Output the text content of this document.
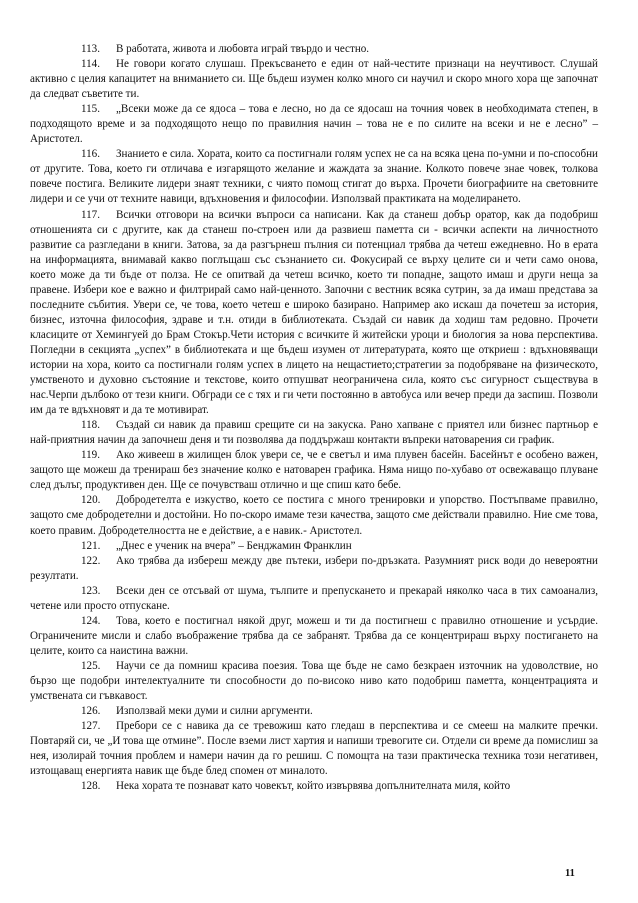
113. В работата, живота и любовта играй твърдо и честно.

114. Не говори когато слушаш. Прекъсването е един от най-честите признаци на неучтивост. Слушай активно с целия капацитет на вниманието си. Ще бъдеш изумен колко много си научил и скоро много хора ще започнат да следват съветите ти.

115. „Всеки може да се ядоса – това е лесно, но да се ядосаш на точния човек в необходимата степен, в подходящото време и за подходящото нещо по правилния начин – това не е по силите на всеки и не е лесно” – Аристотел.

116. Знанието е сила. Хората, които са постигнали голям успех не са на всяка цена по-умни и по-способни от другите. Това, което ги отличава е изгарящото желание и жаждата за знание. Колкото повече знае човек, толкова повече постига. Великите лидери знаят техники, с чиято помощ стигат до върха. Прочети биографиите на световните лидери и се учи от техните навици, вдъхновения и философии. Използвай практиката на моделирането.

117. Всички отговори на всички въпроси са написани. Как да станеш добър оратор, как да подобриш отношенията си с другите, как да станеш по-строен или да развиеш паметта си - всички аспекти на личностното развитие са разгледани в книги. Затова, за да разгърнеш пълния си потенциал трябва да четеш ежедневно. Но в ерата на информацията, внимавай какво поглъщаш със съзнанието си. Фокусирай се върху целите си и чети само онова, което може да ти бъде от полза. Не се опитвай да четеш всичко, което ти попадне, защото имаш и други неща за правене. Избери кое е важно и филтрирай само най-ценното. Започни с вестник всяка сутрин, за да имаш представа за последните събития. Увери се, че това, което четеш е широко базирано. Например ако искаш да почетеш за история, бизнес, източна философия, здраве и т.н. отиди в библиотеката. Създай си навик да ходиш там редовно. Прочети класиците от Хемингуей до Брам Стокър.Чети история с всичките й житейски уроци и биология за нова перспектива. Погледни в секцията „успех” в библиотеката и ще бъдеш изумен от литературата, която ще откриеш : вдъхновяващи истории на хора, които са постигнали голям успех в лицето на нещастието;стратегии за подобряване на физическото, умственото и духовно състояние и текстове, които отпушват неограничена сила, която със сигурност съществува в нас.Черпи дълбоко от тези книги. Обгради се с тях и ги чети постоянно в автобуса или вечер преди да заспиш. Позволи им да те вдъхновят и да те мотивират.

118. Създай си навик да правиш срещите си на закуска. Рано хапване с приятел или бизнес партньор е най-приятния начин да започнеш деня и ти позволява да поддържаш контакти въпреки натоварения си график.

119. Ако живееш в жилищен блок увери се, че е светъл и има плувен басейн. Басейнът е особено важен, защото ще можеш да тренираш без значение колко е натоварен графика. Няма нищо по-хубаво от освежаващо плуване след дълъг, продуктивен ден. Ще се почувстваш отлично и ще спиш като бебе.

120. Добродетелта е изкуство, което се постига с много тренировки и упорство. Постъпваме правилно, защото сме добродетелни и достойни. Но по-скоро имаме тези качества, защото сме действали правилно. Ние сме това, което правим. Добродетелността не е действие, а е навик.- Аристотел.

121. „Днес е ученик на вчера” – Бенджамин Франклин

122. Ако трябва да избереш между две пътеки, избери по-дръзката. Разумният риск води до невероятни резултати.

123. Всеки ден се отсъвай от шума, тълпите и препускането и прекарай няколко часа в тих самоанализ, четене или просто отпускане.

124. Това, което е постигнал някой друг, можеш и ти да постигнеш с правилно отношение и усърдие. Ограничените мисли и слабо въображение трябва да се забранят. Трябва да се концентрираш върху постигането на целите, които са наистина важни.

125. Научи се да помниш красива поезия. Това ще бъде не само безкраен източник на удоволствие, но бързо ще подобри интелектуалните ти способности до по-високо ниво като подобриш паметта, концентрацията и умствената си гъвкавост.

126. Използвай меки думи и силни аргументи.

127. Пребори се с навика да се тревожиш като гледаш в перспектива и се смееш на малките пречки. Повтаряй си, че „И това ще отмине”. После вземи лист хартия и напиши тревогите си. Отдели си време да помислиш за нея, изолирай точния проблем и намери начин да го решиш. С помощта на тази практическа техника този негативен, изтощаващ енергията навик ще бъде блед спомен от миналото.

128. Нека хората те познават като човекът, който извървява допълнителната миля, който

11
